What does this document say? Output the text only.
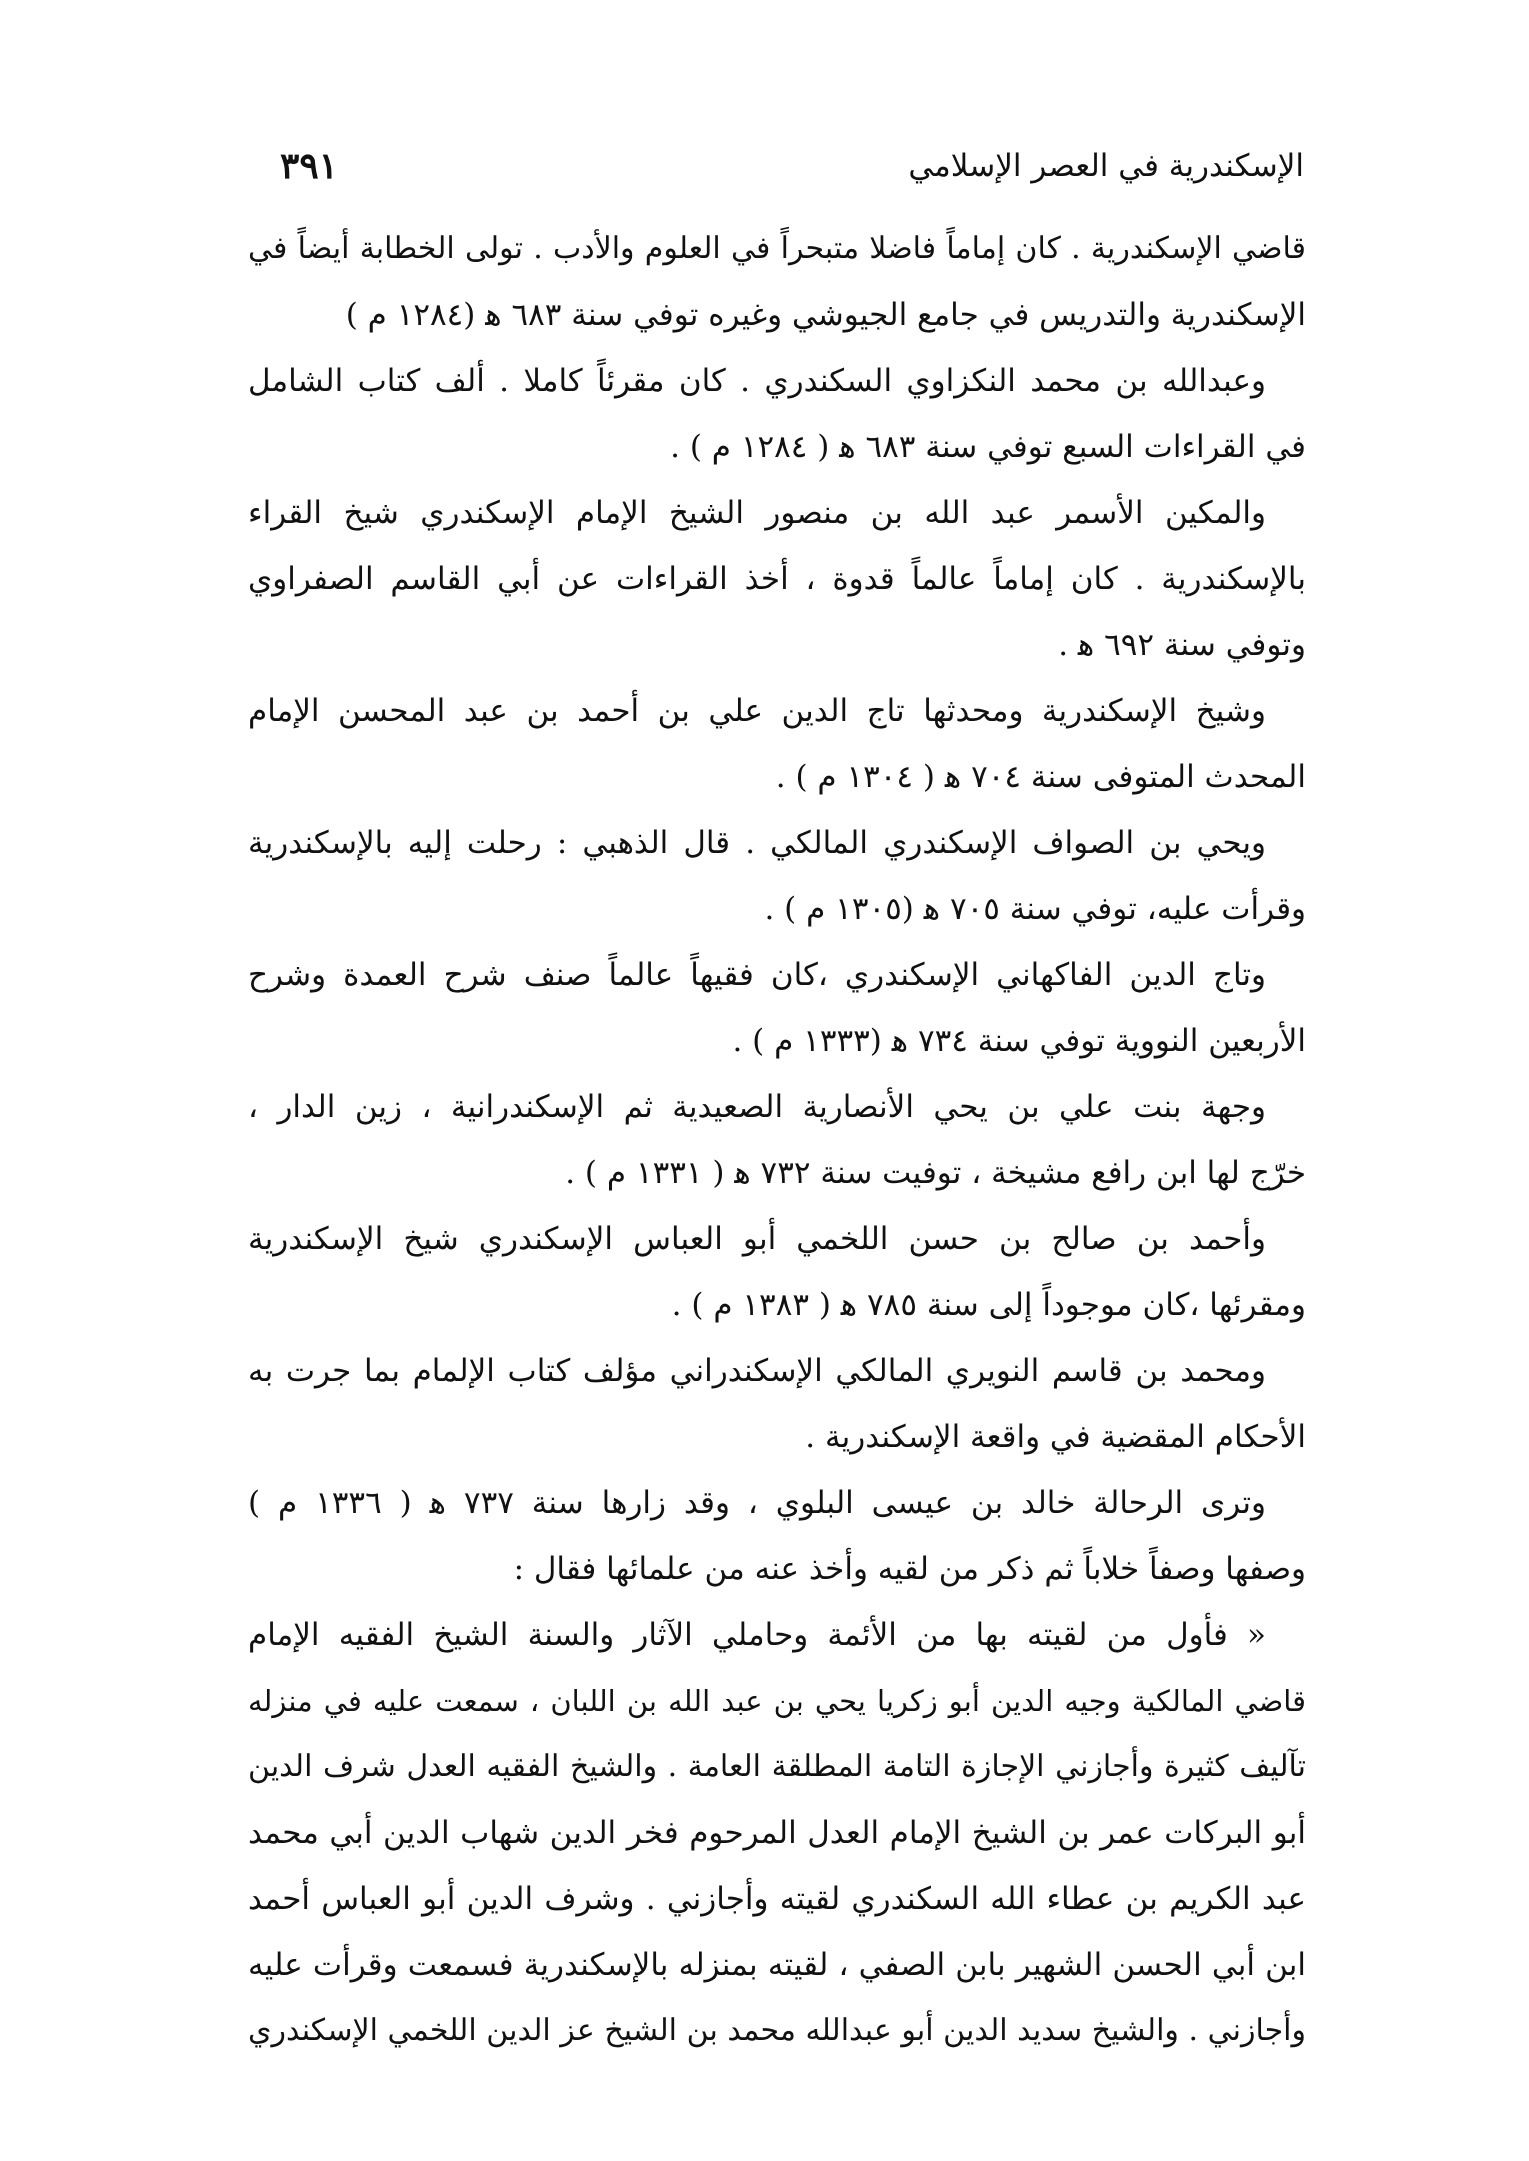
الإسكندرية في العصر الإسلامي
٣٩١
قاضي الإسكندرية . كان إماماً فاضلا متبحراً في العلوم والأدب . تولى الخطابة أيضاً في
الإسكندرية والتدريس في جامع الجيوشي وغيره توفي سنة ٦٨٣ ﻫ (١٢٨٤ م )
وعبدالله بن محمد النكزاوي السكندري . كان مقرئاً كاملا . ألف كتاب الشامل
في القراءات السبع توفي سنة ٦٨٣ ﻫ ( ١٢٨٤ م ) .
والمكين الأسمر عبد الله بن منصور الشيخ الإمام الإسكندري شيخ القراء
بالإسكندرية . كان إماماً عالماً قدوة ، أخذ القراءات عن أبي القاسم الصفراوي
وتوفي سنة ٦٩٢ ﻫ .
وشيخ الإسكندرية ومحدثها تاج الدين علي بن أحمد بن عبد المحسن الإمام
المحدث المتوفى سنة ٧٠٤ ﻫ ( ١٣٠٤ م ) .
ويحي بن الصواف الإسكندري المالكي . قال الذهبي : رحلت إليه بالإسكندرية
وقرأت عليه، توفي سنة ٧٠٥ ﻫ (١٣٠٥ م ) .
وتاج الدين الفاكهاني الإسكندري ،كان فقيهاً عالماً صنف شرح العمدة وشرح
الأربعين النووية توفي سنة ٧٣٤ ﻫ (١٣٣٣ م ) .
وجهة بنت علي بن يحي الأنصارية الصعيدية ثم الإسكندرانية ، زين الدار ،
خرّج لها ابن رافع مشيخة ، توفيت سنة ٧٣٢ ﻫ ( ١٣٣١ م ) .
وأحمد بن صالح بن حسن اللخمي أبو العباس الإسكندري شيخ الإسكندرية
ومقرئها ،كان موجوداً إلى سنة ٧٨٥ ﻫ ( ١٣٨٣ م ) .
ومحمد بن قاسم النويري المالكي الإسكندراني مؤلف كتاب الإلمام بما جرت به
الأحكام المقضية في واقعة الإسكندرية .
وترى الرحالة خالد بن عيسى البلوي ، وقد زارها سنة ٧٣٧ ﻫ ( ١٣٣٦ م )
وصفها وصفاً خلاباً ثم ذكر من لقيه وأخذ عنه من علمائها فقال :
« فأول من لقيته بها من الأئمة وحاملي الآثار والسنة الشيخ الفقيه الإمام
قاضي المالكية وجيه الدين أبو زكريا يحي بن عبد الله بن اللبان ، سمعت عليه في منزله
تآليف كثيرة وأجازني الإجازة التامة المطلقة العامة . والشيخ الفقيه العدل شرف الدين
أبو البركات عمر بن الشيخ الإمام العدل المرحوم فخر الدين شهاب الدين أبي محمد
عبد الكريم بن عطاء الله السكندري لقيته وأجازني . وشرف الدين أبو العباس أحمد
ابن أبي الحسن الشهير بابن الصفي ، لقيته بمنزله بالإسكندرية فسمعت وقرأت عليه
وأجازني . والشيخ سديد الدين أبو عبدالله محمد بن الشيخ عز الدين اللخمي الإسكندري
